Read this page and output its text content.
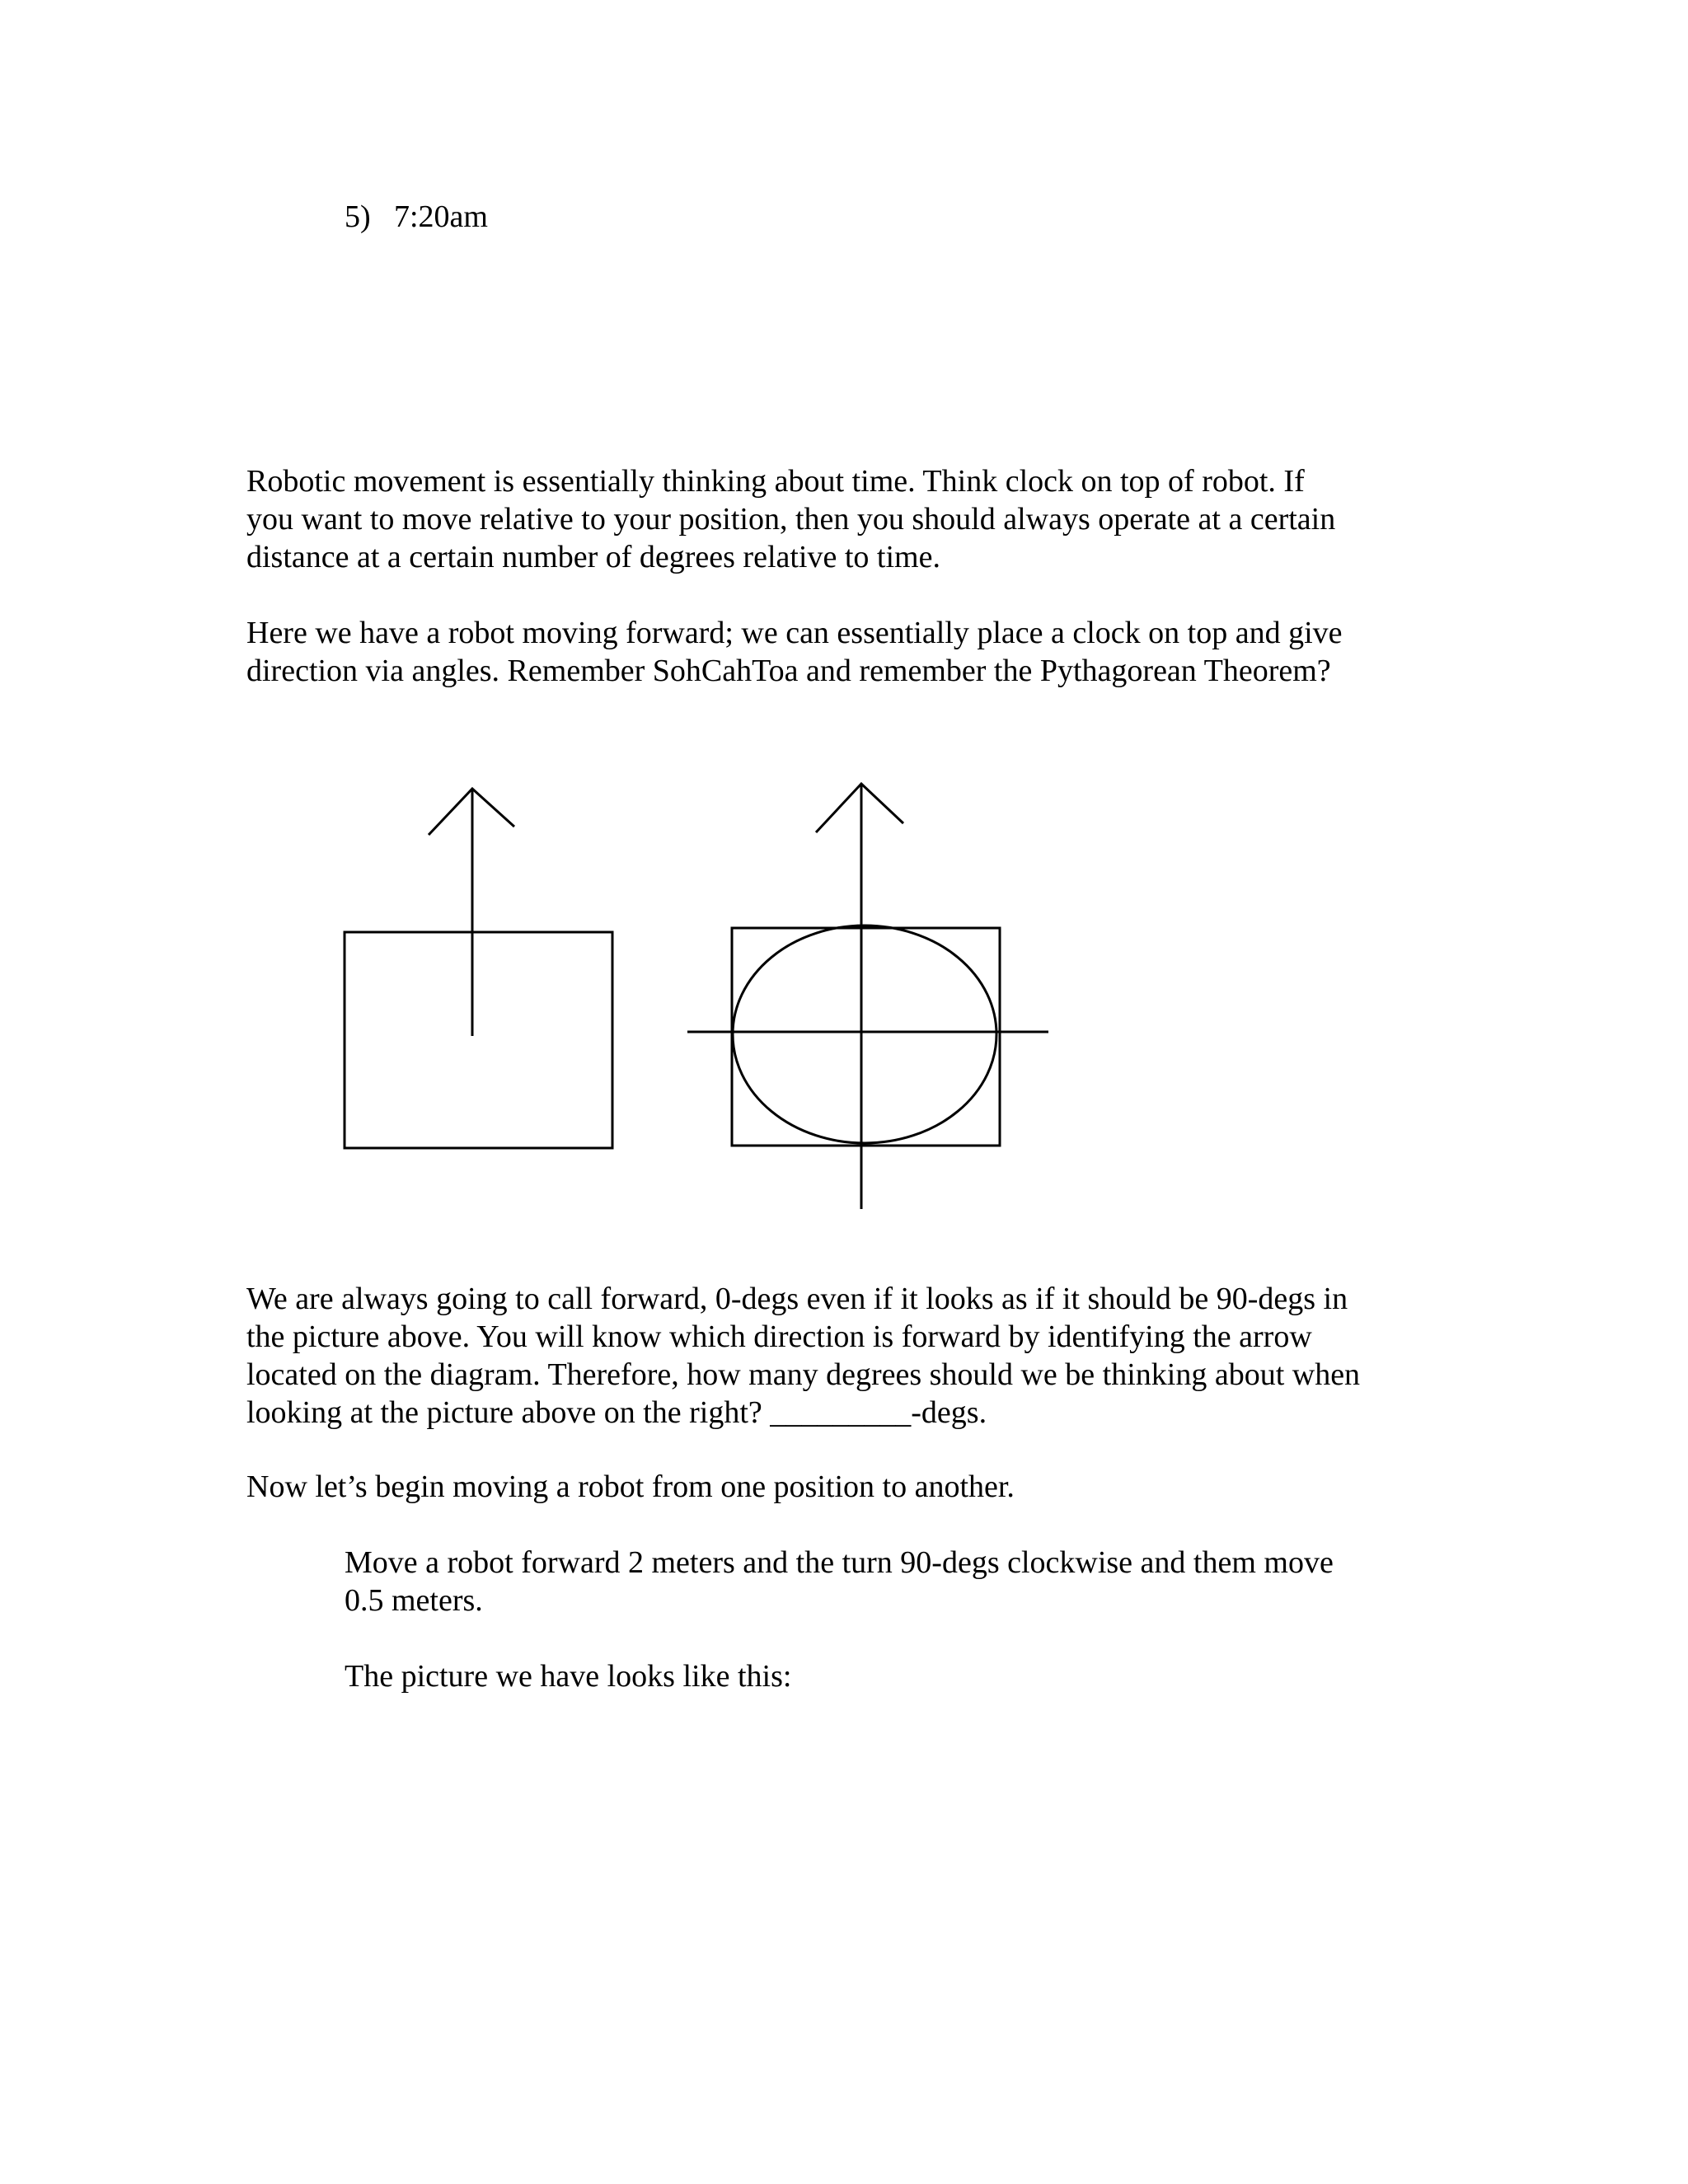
5) 7:20am
Robotic movement is essentially thinking about time. Think clock on top of robot. If
you want to move relative to your position, then you should always operate at a certain
distance at a certain number of degrees relative to time.
Here we have a robot moving forward; we can essentially place a clock on top and give
direction via angles. Remember SohCahToa and remember the Pythagorean Theorem?
We are always going to call forward, 0-degs even if it looks as if it should be 90-degs in
the picture above. You will know which direction is forward by identifying the arrow
located on the diagram. Therefore, how many degrees should we be thinking about when
looking at the picture above on the right? _________-degs.
Now let’s begin moving a robot from one position to another.
Move a robot forward 2 meters and the turn 90-degs clockwise and them move
0.5 meters.
The picture we have looks like this:
